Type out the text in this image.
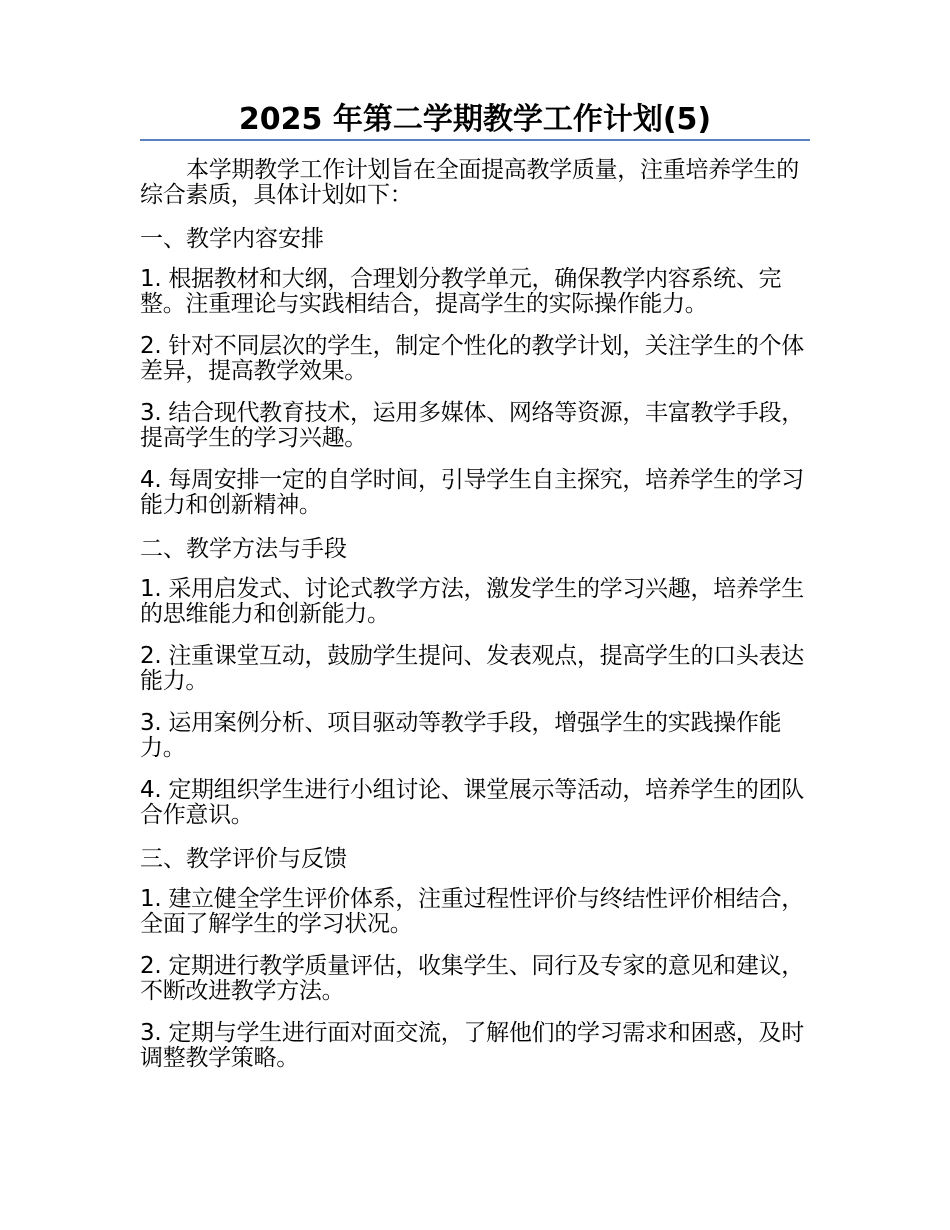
2025 年第二学期教学工作计划(5)

本学期教学工作计划旨在全面提高教学质量，注重培养学生的综合素质，具体计划如下：

一、教学内容安排

1. 根据教材和大纲，合理划分教学单元，确保教学内容系统、完整。注重理论与实践相结合，提高学生的实际操作能力。

2. 针对不同层次的学生，制定个性化的教学计划，关注学生的个体差异，提高教学效果。

3. 结合现代教育技术，运用多媒体、网络等资源，丰富教学手段，提高学生的学习兴趣。

4. 每周安排一定的自学时间，引导学生自主探究，培养学生的学习能力和创新精神。

二、教学方法与手段

1. 采用启发式、讨论式教学方法，激发学生的学习兴趣，培养学生的思维能力和创新能力。

2. 注重课堂互动，鼓励学生提问、发表观点，提高学生的口头表达能力。

3. 运用案例分析、项目驱动等教学手段，增强学生的实践操作能力。

4. 定期组织学生进行小组讨论、课堂展示等活动，培养学生的团队合作意识。

三、教学评价与反馈

1. 建立健全学生评价体系，注重过程性评价与终结性评价相结合，全面了解学生的学习状况。

2. 定期进行教学质量评估，收集学生、同行及专家的意见和建议，不断改进教学方法。

3. 定期与学生进行面对面交流，了解他们的学习需求和困惑，及时调整教学策略。
